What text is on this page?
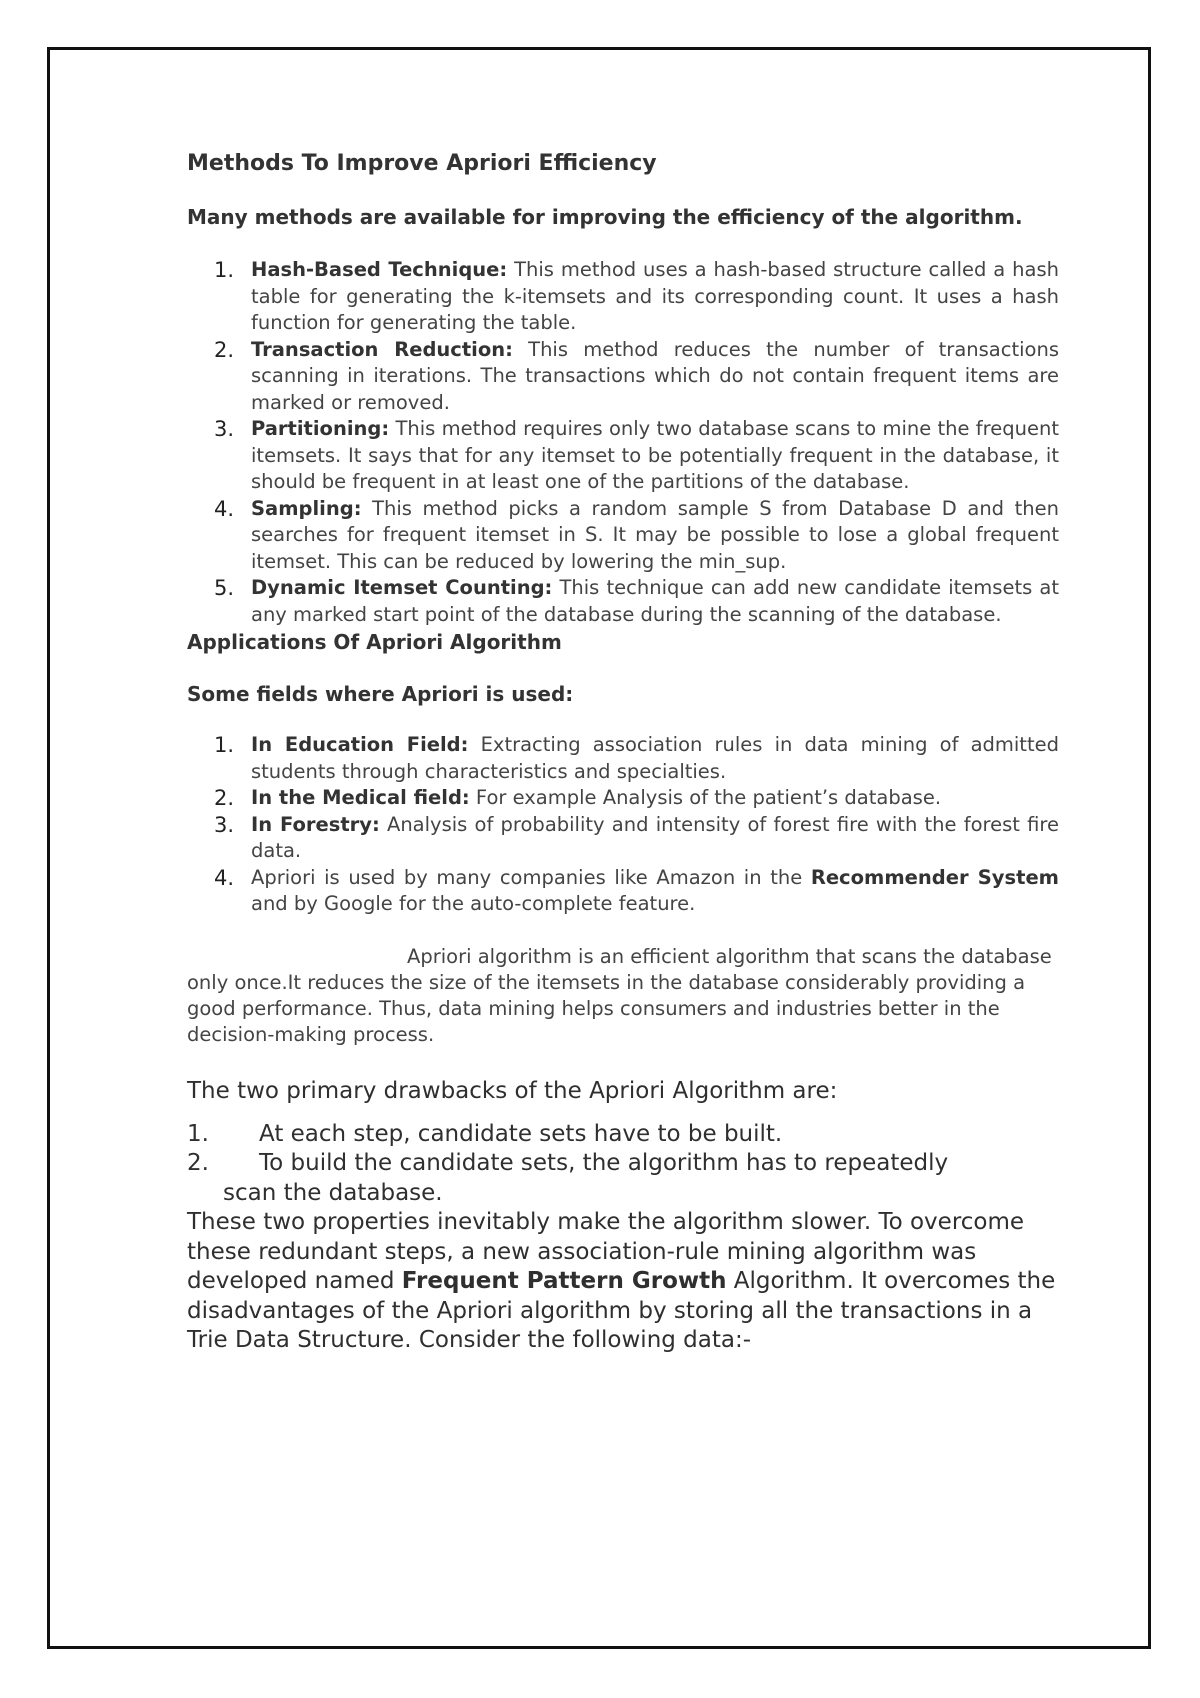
Methods To Improve Apriori Efficiency
Many methods are available for improving the efficiency of the algorithm.
1. Hash-Based Technique: This method uses a hash-based structure called a hash table for generating the k-itemsets and its corresponding count. It uses a hash function for generating the table.
2. Transaction Reduction: This method reduces the number of transactions scanning in iterations. The transactions which do not contain frequent items are marked or removed.
3. Partitioning: This method requires only two database scans to mine the frequent itemsets. It says that for any itemset to be potentially frequent in the database, it should be frequent in at least one of the partitions of the database.
4. Sampling: This method picks a random sample S from Database D and then searches for frequent itemset in S. It may be possible to lose a global frequent itemset. This can be reduced by lowering the min_sup.
5. Dynamic Itemset Counting: This technique can add new candidate itemsets at any marked start point of the database during the scanning of the database.
Applications Of Apriori Algorithm
Some fields where Apriori is used:
1. In Education Field: Extracting association rules in data mining of admitted students through characteristics and specialties.
2. In the Medical field: For example Analysis of the patient’s database.
3. In Forestry: Analysis of probability and intensity of forest fire with the forest fire data.
4. Apriori is used by many companies like Amazon in the Recommender System and by Google for the auto-complete feature.

Apriori algorithm is an efficient algorithm that scans the database only once.It reduces the size of the itemsets in the database considerably providing a good performance. Thus, data mining helps consumers and industries better in the decision-making process.

The two primary drawbacks of the Apriori Algorithm are:
1. At each step, candidate sets have to be built.
2. To build the candidate sets, the algorithm has to repeatedly
scan the database.

These two properties inevitably make the algorithm slower. To overcome these redundant steps, a new association-rule mining algorithm was developed named Frequent Pattern Growth Algorithm. It overcomes the disadvantages of the Apriori algorithm by storing all the transactions in a Trie Data Structure. Consider the following data:-
